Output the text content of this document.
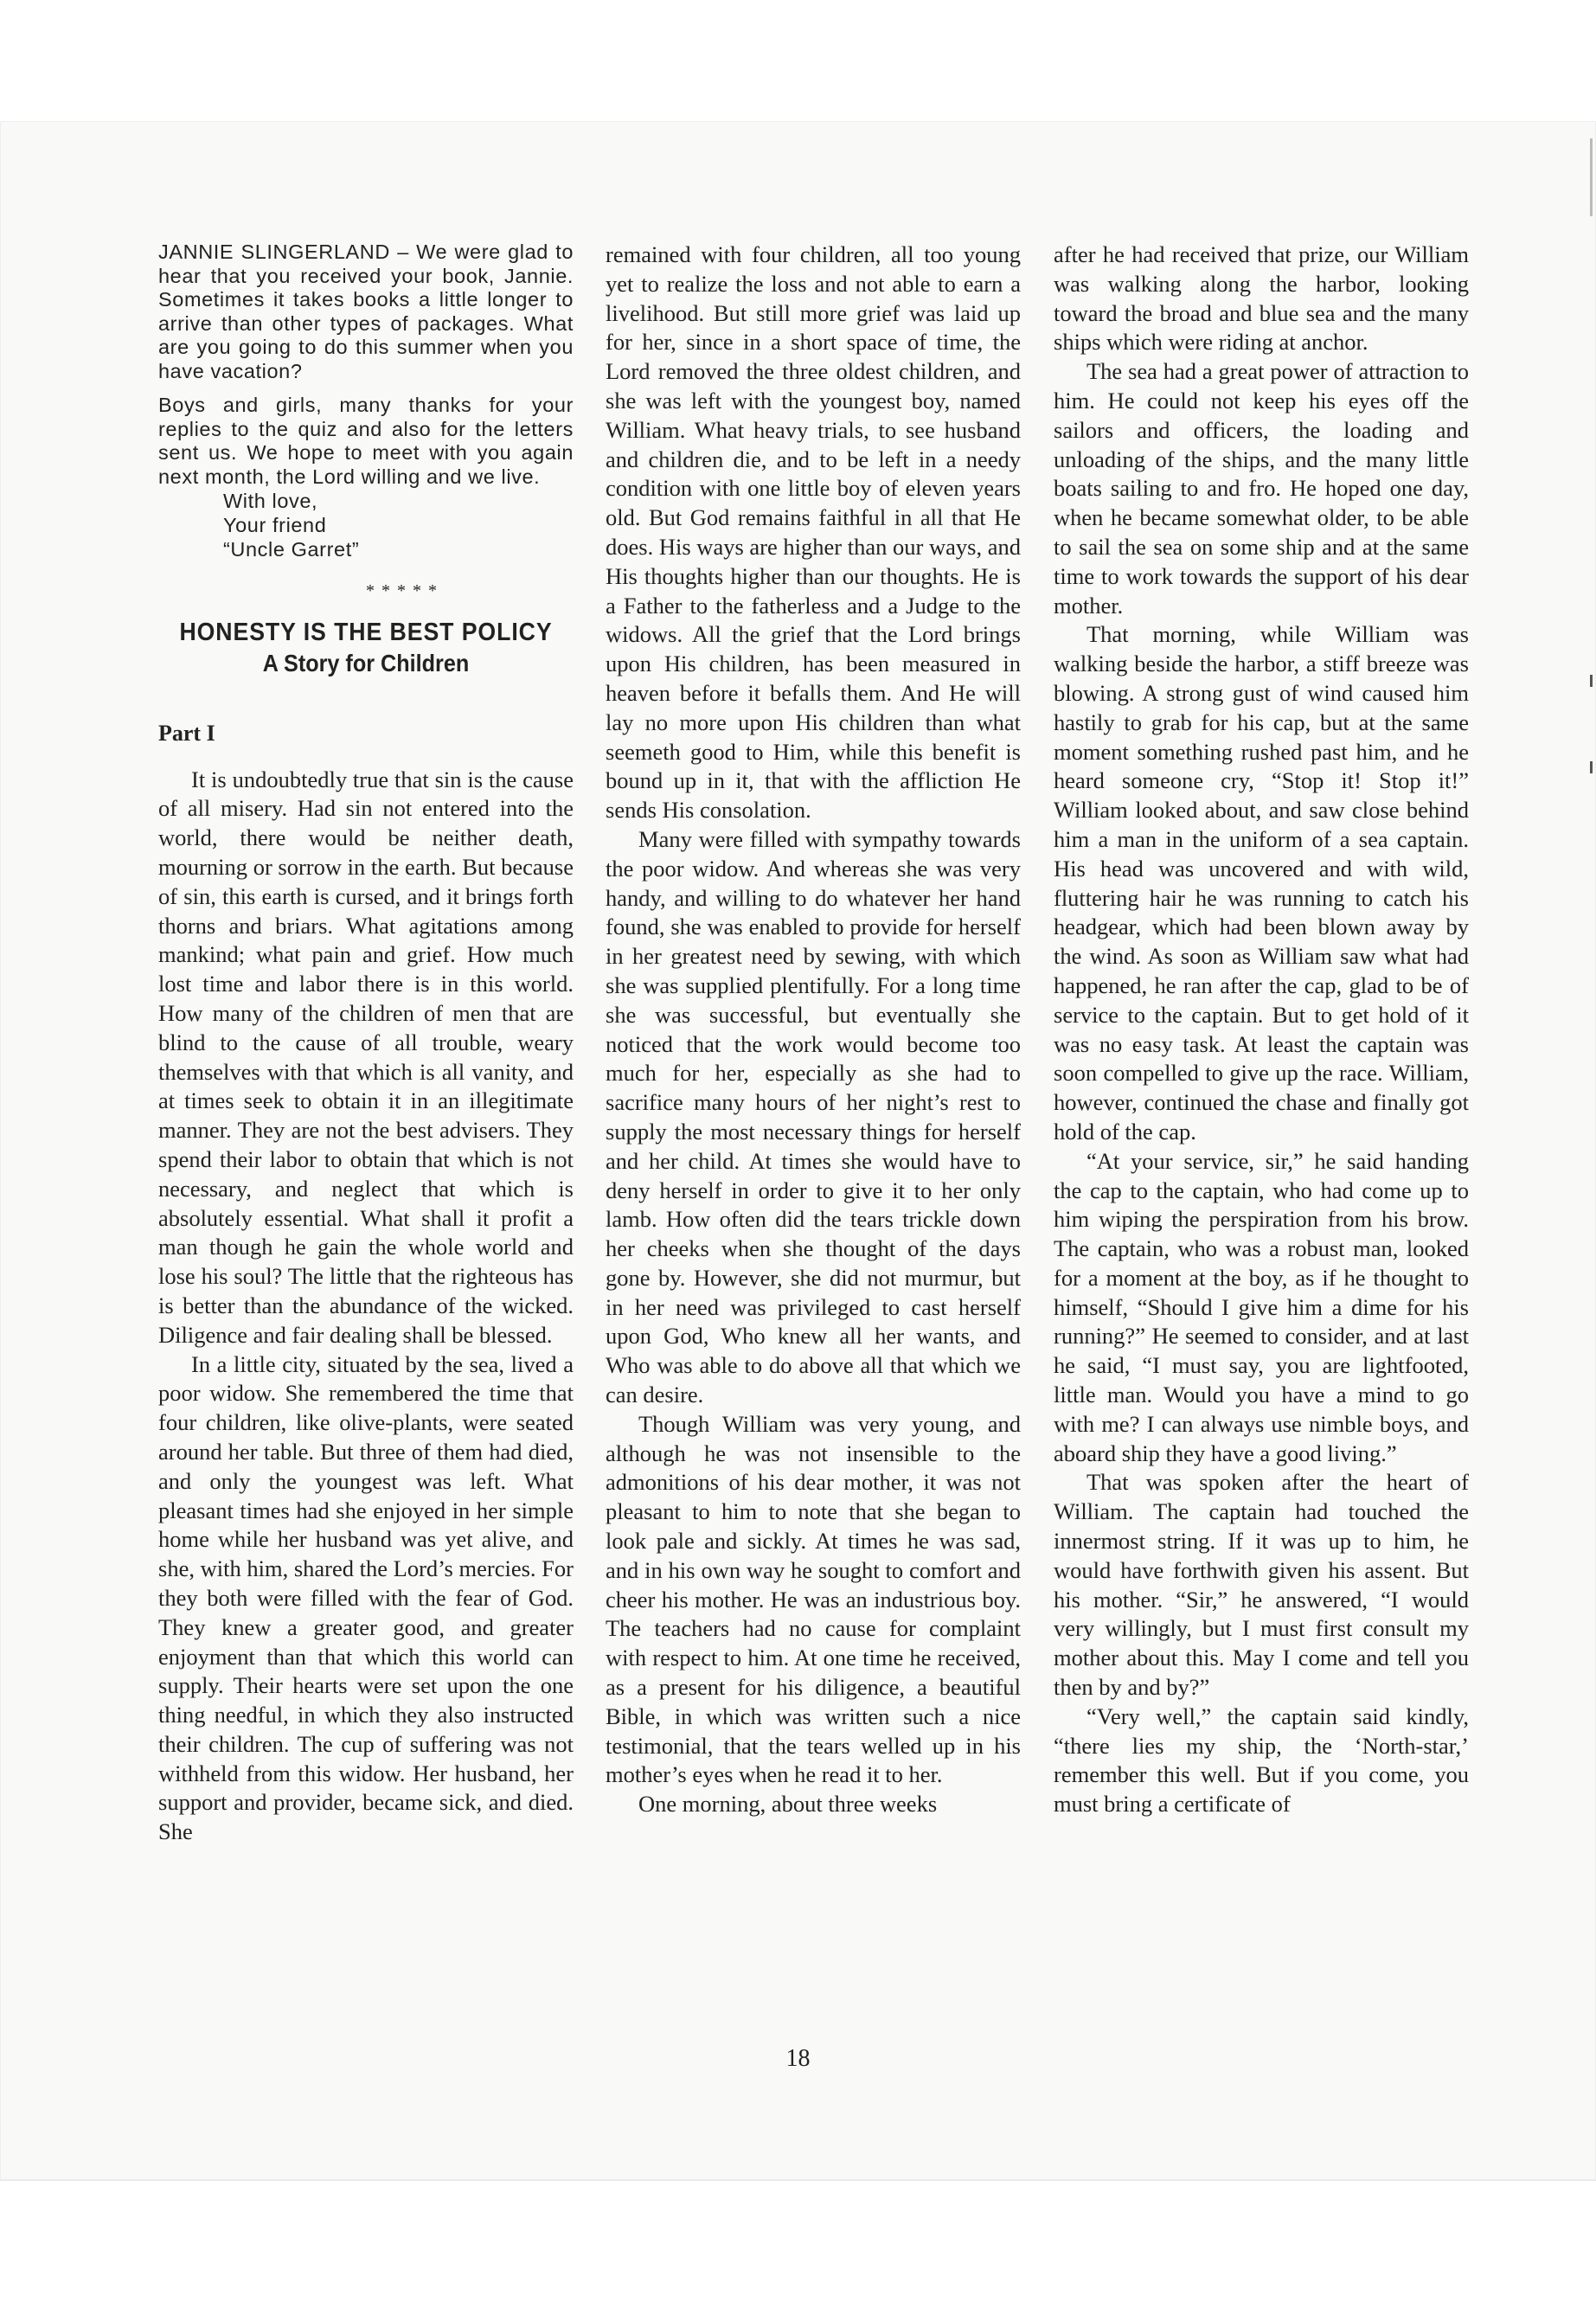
JANNIE SLINGERLAND – We were glad to hear that you received your book, Jannie. Sometimes it takes books a little longer to arrive than other types of packages. What are you going to do this summer when you have vacation?

Boys and girls, many thanks for your replies to the quiz and also for the letters sent us. We hope to meet with you again next month, the Lord willing and we live.

With love,
Your friend
“Uncle Garret”
*****
HONESTY IS THE BEST POLICY
A Story for Children
Part I

It is undoubtedly true that sin is the cause of all misery. Had sin not entered into the world, there would be neither death, mourning or sorrow in the earth. But because of sin, this earth is cursed, and it brings forth thorns and briars. What agitations among mankind; what pain and grief. How much lost time and labor there is in this world. How many of the children of men that are blind to the cause of all trouble, weary themselves with that which is all vanity, and at times seek to obtain it in an illegitimate manner. They are not the best advisers. They spend their labor to obtain that which is not necessary, and neglect that which is absolutely essential. What shall it profit a man though he gain the whole world and lose his soul? The little that the righteous has is better than the abundance of the wicked. Diligence and fair dealing shall be blessed.

In a little city, situated by the sea, lived a poor widow. She remembered the time that four children, like olive-plants, were seated around her table. But three of them had died, and only the youngest was left. What pleasant times had she enjoyed in her simple home while her husband was yet alive, and she, with him, shared the Lord’s mercies. For they both were filled with the fear of God. They knew a greater good, and greater enjoyment than that which this world can supply. Their hearts were set upon the one thing needful, in which they also instructed their children. The cup of suffering was not withheld from this widow. Her husband, her support and provider, became sick, and died. She

remained with four children, all too young yet to realize the loss and not able to earn a livelihood. But still more grief was laid up for her, since in a short space of time, the Lord removed the three oldest children, and she was left with the youngest boy, named William. What heavy trials, to see husband and children die, and to be left in a needy condition with one little boy of eleven years old. But God remains faithful in all that He does. His ways are higher than our ways, and His thoughts higher than our thoughts. He is a Father to the fatherless and a Judge to the widows. All the grief that the Lord brings upon His children, has been measured in heaven before it befalls them. And He will lay no more upon His children than what seemeth good to Him, while this benefit is bound up in it, that with the affliction He sends His consolation.

Many were filled with sympathy towards the poor widow. And whereas she was very handy, and willing to do whatever her hand found, she was enabled to provide for herself in her greatest need by sewing, with which she was supplied plentifully. For a long time she was successful, but eventually she noticed that the work would become too much for her, especially as she had to sacrifice many hours of her night’s rest to supply the most necessary things for herself and her child. At times she would have to deny herself in order to give it to her only lamb. How often did the tears trickle down her cheeks when she thought of the days gone by. However, she did not murmur, but in her need was privileged to cast herself upon God, Who knew all her wants, and Who was able to do above all that which we can desire.

Though William was very young, and although he was not insensible to the admonitions of his dear mother, it was not pleasant to him to note that she began to look pale and sickly. At times he was sad, and in his own way he sought to comfort and cheer his mother. He was an industrious boy. The teachers had no cause for complaint with respect to him. At one time he received, as a present for his diligence, a beautiful Bible, in which was written such a nice testimonial, that the tears welled up in his mother’s eyes when he read it to her.

One morning, about three weeks

after he had received that prize, our William was walking along the harbor, looking toward the broad and blue sea and the many ships which were riding at anchor.

The sea had a great power of attraction to him. He could not keep his eyes off the sailors and officers, the loading and unloading of the ships, and the many little boats sailing to and fro. He hoped one day, when he became somewhat older, to be able to sail the sea on some ship and at the same time to work towards the support of his dear mother.

That morning, while William was walking beside the harbor, a stiff breeze was blowing. A strong gust of wind caused him hastily to grab for his cap, but at the same moment something rushed past him, and he heard someone cry, “Stop it! Stop it!” William looked about, and saw close behind him a man in the uniform of a sea captain. His head was uncovered and with wild, fluttering hair he was running to catch his headgear, which had been blown away by the wind. As soon as William saw what had happened, he ran after the cap, glad to be of service to the captain. But to get hold of it was no easy task. At least the captain was soon compelled to give up the race. William, however, continued the chase and finally got hold of the cap.

“At your service, sir,” he said handing the cap to the captain, who had come up to him wiping the perspiration from his brow. The captain, who was a robust man, looked for a moment at the boy, as if he thought to himself, “Should I give him a dime for his running?” He seemed to consider, and at last he said, “I must say, you are lightfooted, little man. Would you have a mind to go with me? I can always use nimble boys, and aboard ship they have a good living.”

That was spoken after the heart of William. The captain had touched the innermost string. If it was up to him, he would have forthwith given his assent. But his mother. “Sir,” he answered, “I would very willingly, but I must first consult my mother about this. May I come and tell you then by and by?”

“Very well,” the captain said kindly, “there lies my ship, the ‘North-star,’ remember this well. But if you come, you must bring a certificate of

18
